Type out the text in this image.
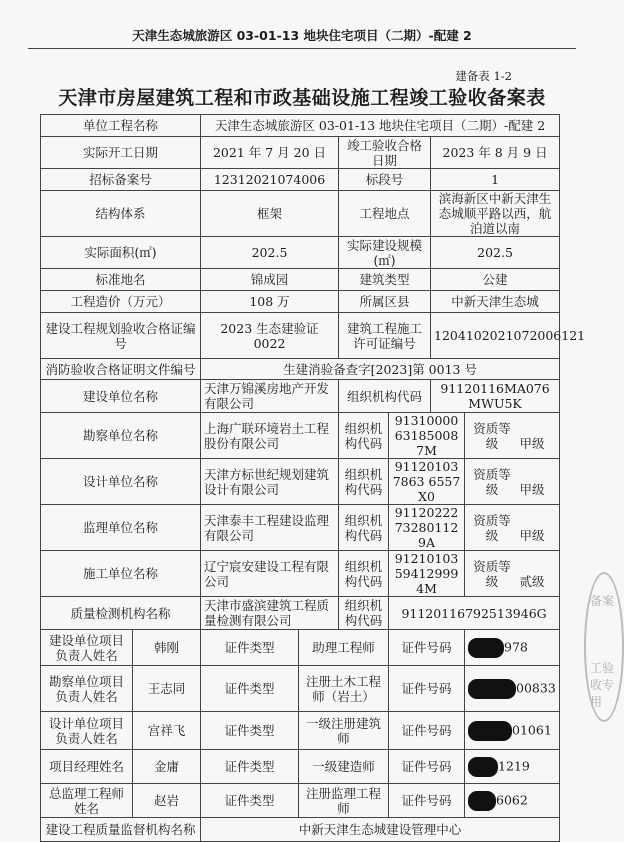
天津生态城旅游区 03-01-13 地块住宅项目（二期）-配建 2
建备表 1-2
天津市房屋建筑工程和市政基础设施工程竣工验收备案表
单位工程名称		天津生态城旅游区 03-01-13 地块住宅项目（二期）-配建 2					
实际开工日期		2021 年 7 月 20 日		竣工验收合格日期		2023 年 8 月 9 日	
招标备案号		12312021074006		标段号		1	
结构体系		框架		工程地点		滨海新区中新天津生态城顺平路以西，航泊道以南	
实际面积(㎡)		202.5		实际建设规模(㎡)		202.5	
标准地名		锦成园		建筑类型		公建	
工程造价（万元）		108 万		所属区县		中新天津生态城	
建设工程规划验收合格证编号		2023 生态建验证 0022		建筑工程施工许可证编号		1204102021072006121	
消防验收合格证明文件编号		生建消验备查字[2023]第 0013 号					
建设单位名称		天津万锦溪房地产开发有限公司		组织机构代码		91120116MA076MWU5K	
勘察单位名称		上海广联环境岩土工程股份有限公司		组织机构代码	91310000631850087M		资质等级 甲级
设计单位名称		天津方标世纪规划建筑设计有限公司		组织机构代码	911201037863 6557X0		资质等级 甲级
监理单位名称		天津泰丰工程建设监理有限公司		组织机构代码	91120222732801129A		资质等级 甲级
施工单位名称		辽宁宸安建设工程有限公司		组织机构代码	91210103594129994M		资质等级 贰级
质量检测机构名称		天津市盛滨建筑工程质量检测有限公司		组织机构代码	91120116792513946G		
建设单位项目负责人姓名	韩刚	证件类型	助理工程师		证件号码		978
勘察单位项目负责人姓名	王志同	证件类型	注册土木工程师（岩土）		证件号码		00833
设计单位项目负责人姓名	宫祥飞	证件类型	一级注册建筑师		证件号码		01061
项目经理姓名	金庸	证件类型	一级建造师		证件号码		1219
总监理工程师姓名	赵岩	证件类型	注册监理工程师		证件号码		6062
建设工程质量监督机构名称		中新天津生态城建设管理中心					
备案
工验收专用
